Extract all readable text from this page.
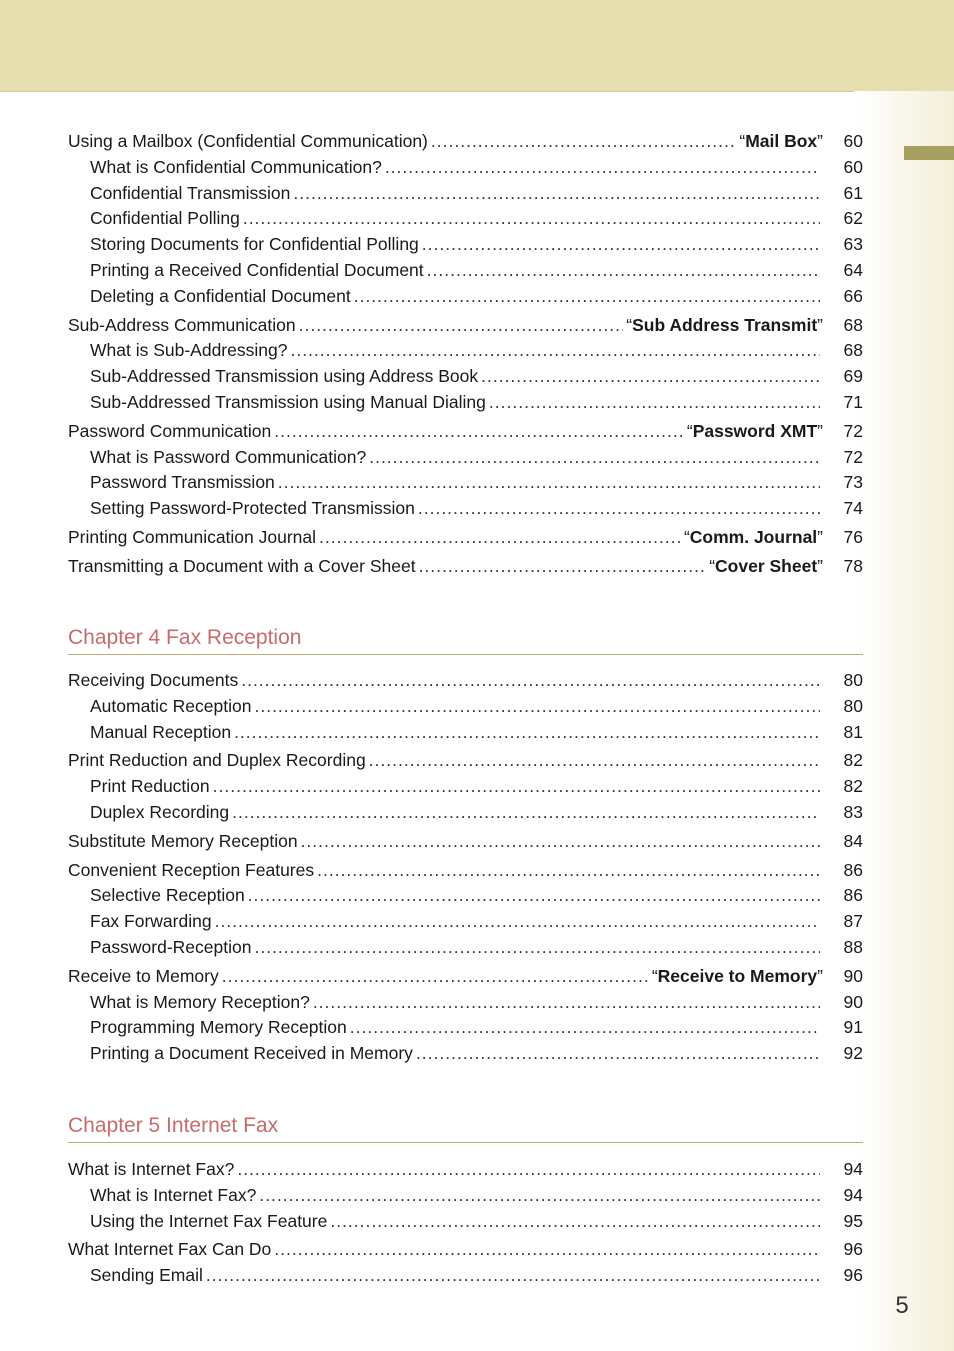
Using a Mailbox (Confidential Communication) .....	“Mail Box”	60
What is Confidential Communication? .....	60
Confidential Transmission .....	61
Confidential Polling .....	62
Storing Documents for Confidential Polling .....	63
Printing a Received Confidential Document .....	64
Deleting a Confidential Document .....	66
Sub-Address Communication .....	“Sub Address Transmit”	68
What is Sub-Addressing? .....	68
Sub-Addressed Transmission using Address Book .....	69
Sub-Addressed Transmission using Manual Dialing .....	71
Password Communication .....	“Password XMT”	72
What is Password Communication? .....	72
Password Transmission .....	73
Setting Password-Protected Transmission .....	74
Printing Communication Journal .....	“Comm. Journal”	76
Transmitting a Document with a Cover Sheet .....	“Cover Sheet”	78
Chapter 4 Fax Reception
Receiving Documents .....	80
Automatic Reception .....	80
Manual Reception .....	81
Print Reduction and Duplex Recording .....	82
Print Reduction .....	82
Duplex Recording .....	83
Substitute Memory Reception .....	84
Convenient Reception Features .....	86
Selective Reception .....	86
Fax Forwarding .....	87
Password-Reception .....	88
Receive to Memory .....	“Receive to Memory”	90
What is Memory Reception? .....	90
Programming Memory Reception .....	91
Printing a Document Received in Memory .....	92
Chapter 5 Internet Fax
What is Internet Fax? .....	94
What is Internet Fax? .....	94
Using the Internet Fax Feature .....	95
What Internet Fax Can Do .....	96
Sending Email .....	96
5
